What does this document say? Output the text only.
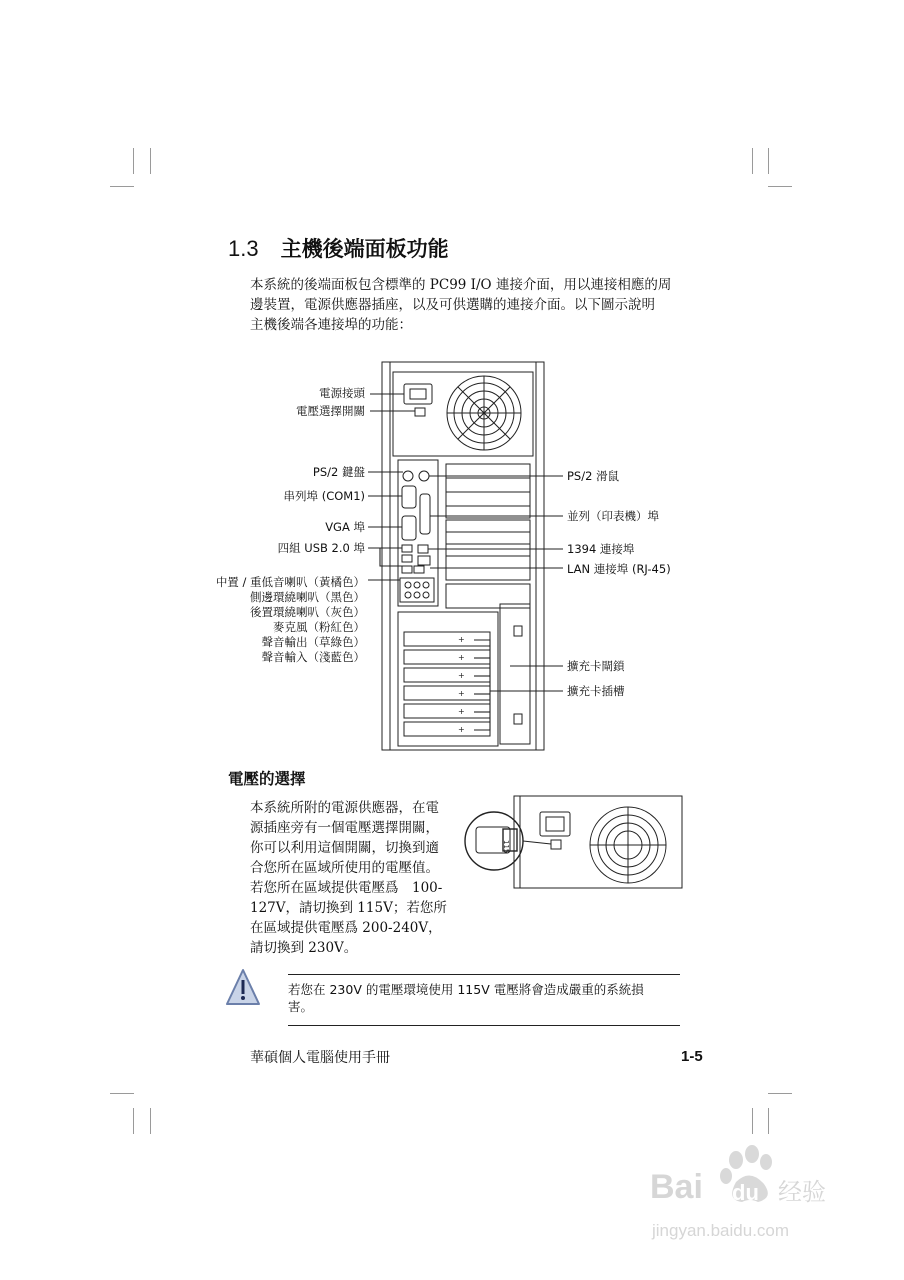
1.3 主機後端面板功能

本系統的後端面板包含標準的 PC99 I/O 連接介面，用以連接相應的周

邊裝置，電源供應器插座，以及可供選購的連接介面。以下圖示說明

主機後端各連接埠的功能：

+
+
+
+
+
+
115
電源接頭
電壓選擇開關
PS/2 鍵盤
串列埠 (COM1)
VGA 埠
四組 USB 2.0 埠
中置 / 重低音喇叭（黃橘色）
側邊環繞喇叭（黑色）
後置環繞喇叭（灰色）
麥克風（粉紅色）
聲音輸出（草綠色）
聲音輸入（淺藍色）
PS/2 滑鼠
並列（印表機）埠
1394 連接埠
LAN 連接埠 (RJ-45)
擴充卡閘鎖
擴充卡插槽
電壓的選擇

本系統所附的電源供應器，在電

源插座旁有一個電壓選擇開關，

你可以利用這個開關，切換到適

合您所在區域所使用的電壓值。

若您所在區域提供電壓爲　100-

127V，請切換到 115V；若您所

在區域提供電壓爲 200-240V，

請切換到 230V。

若您在 230V 的電壓環境使用 115V 電壓將會造成嚴重的系統損

害。

華碩個人電腦使用手冊	1-5
Bai du 经验
jingyan.baidu.com
